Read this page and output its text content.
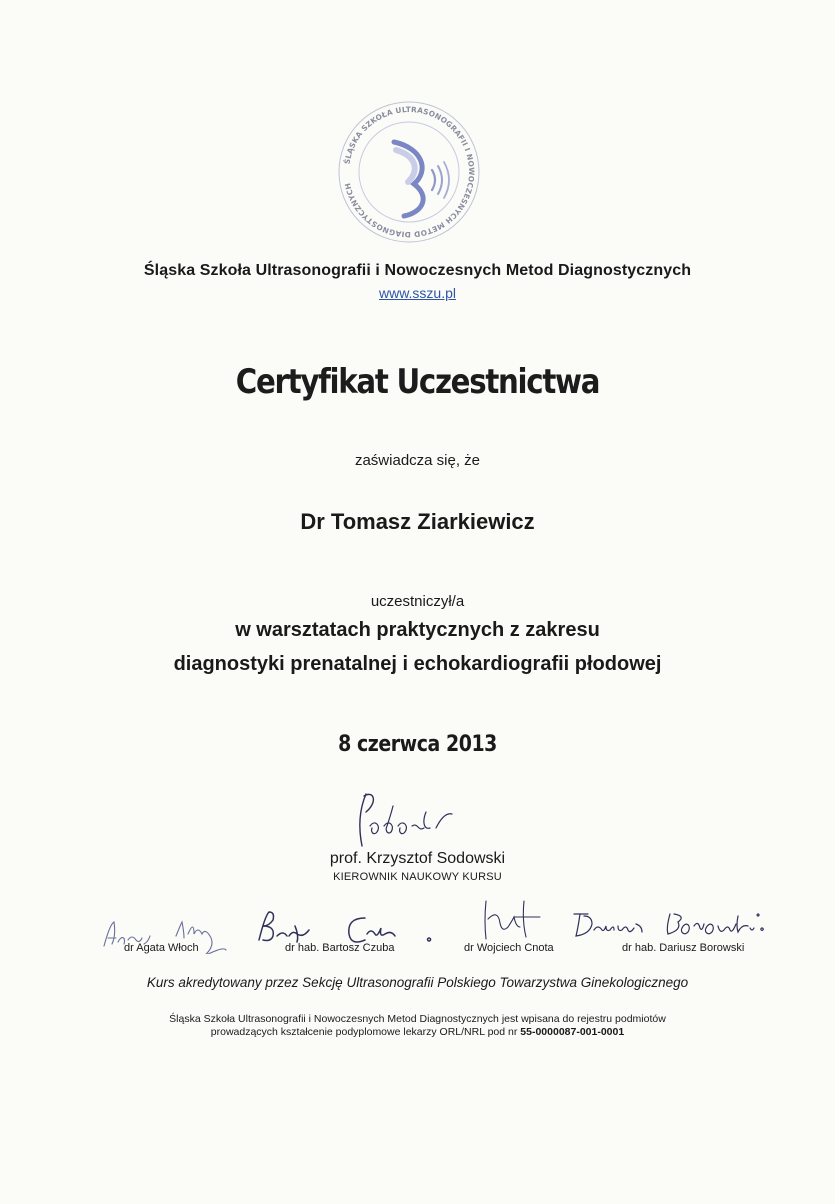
ŚLĄSKA SZKOŁA ULTRASONOGRAFII I NOWOCZESNYCH METOD DIAGNOSTYCZNYCH
Śląska Szkoła Ultrasonografii i Nowoczesnych Metod Diagnostycznych
www.sszu.pl
Certyfikat Uczestnictwa
zaświadcza się, że
Dr Tomasz Ziarkiewicz
uczestniczył/a
w warsztatach praktycznych z zakresu
diagnostyki prenatalnej i echokardiografii płodowej
8 czerwca 2013
prof. Krzysztof Sodowski
KIEROWNIK NAUKOWY KURSU
dr Agata Włoch	dr hab. Bartosz Czuba	dr Wojciech Cnota	dr hab. Dariusz Borowski
Kurs akredytowany przez Sekcję Ultrasonografii Polskiego Towarzystwa Ginekologicznego
Śląska Szkoła Ultrasonografii i Nowoczesnych Metod Diagnostycznych jest wpisana do rejestru podmiotów
prowadzących kształcenie podyplomowe lekarzy ORL/NRL pod nr 55-0000087-001-0001
